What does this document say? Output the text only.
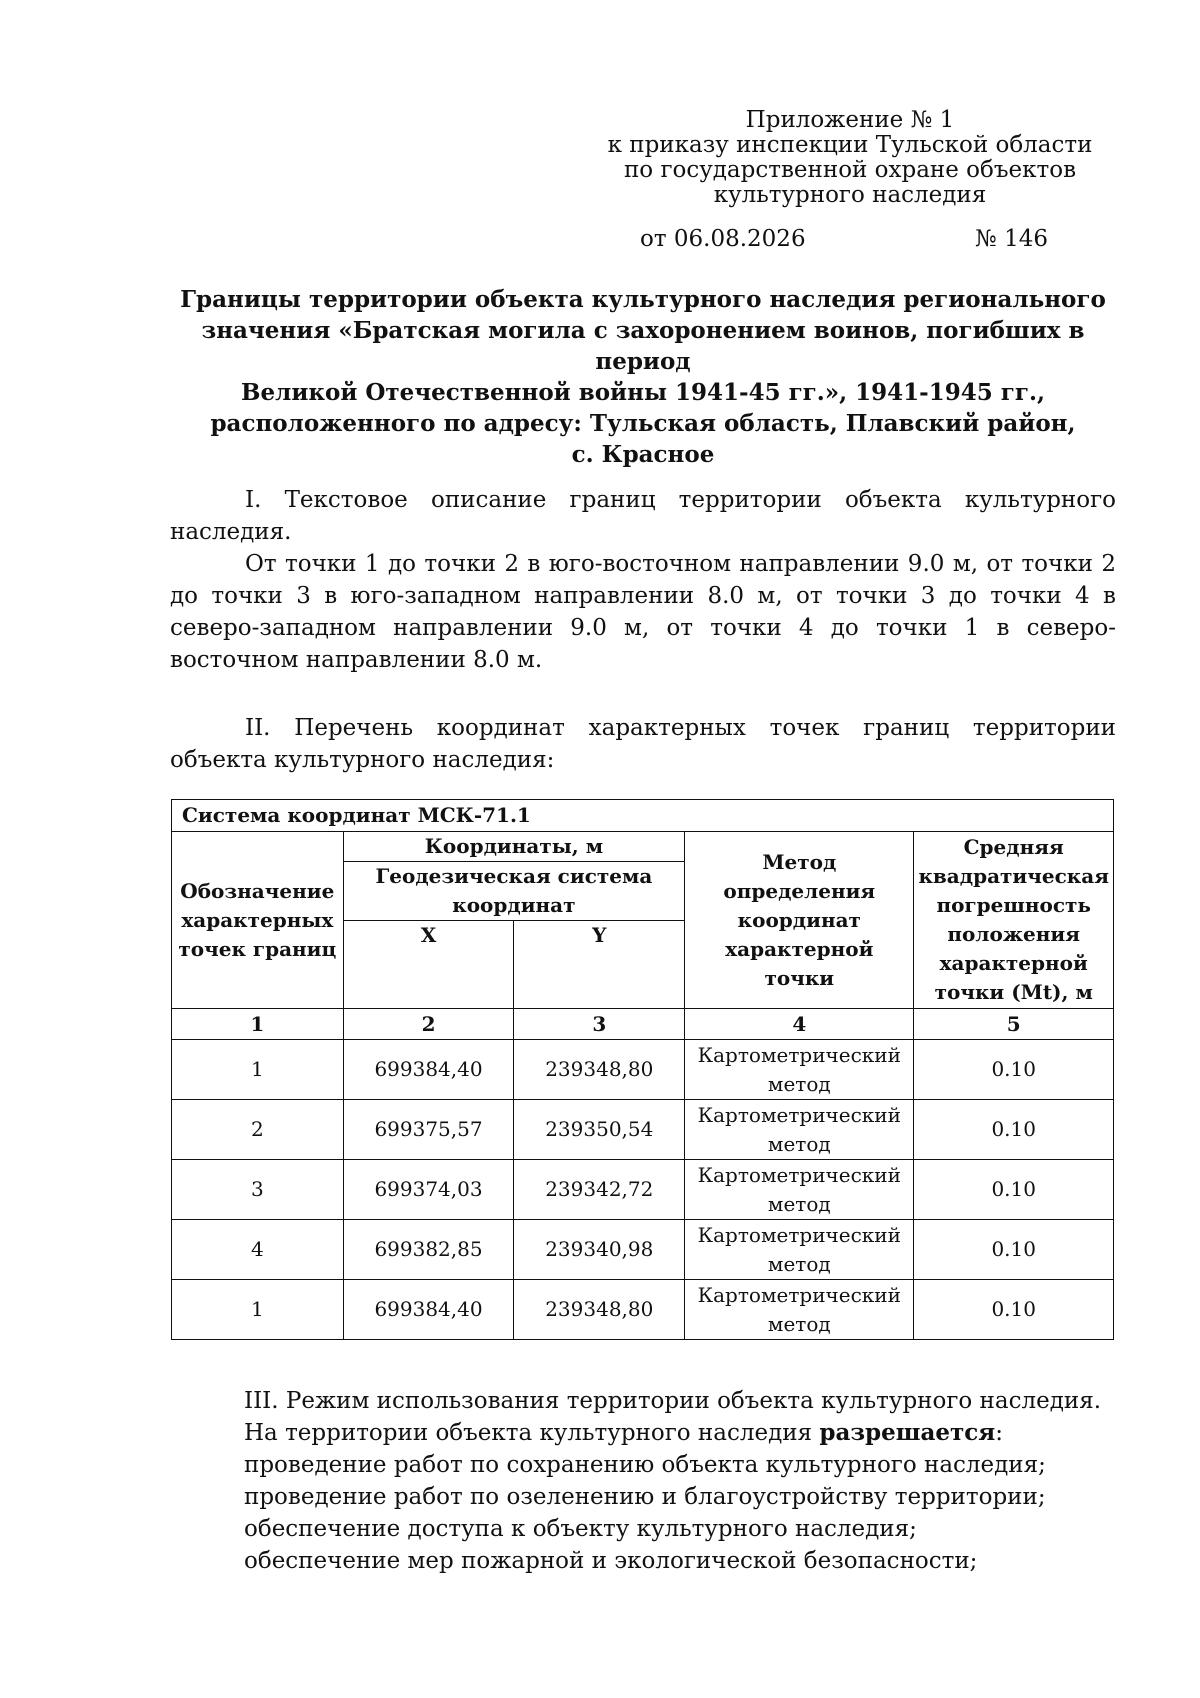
Приложение № 1
к приказу инспекции Тульской области
по государственной охране объектов
культурного наследия
от 06.08.2026	№ 146
Границы территории объекта культурного наследия регионального
значения «Братская могила с захоронением воинов, погибших в период
Великой Отечественной войны 1941-45 гг.», 1941-1945 гг.,
расположенного по адресу: Тульская область, Плавский район,
с. Красное

I. Текстовое описание границ территории объекта культурного наследия.

От точки 1 до точки 2 в юго-восточном направлении 9.0 м, от точки 2 до точки 3 в юго-западном направлении 8.0 м, от точки 3 до точки 4 в северо-западном направлении 9.0 м, от точки 4 до точки 1 в северо-восточном направлении 8.0 м.

II. Перечень координат характерных точек границ территории объекта культурного наследия:

Система координат МСК-71.1				
Обозначение характерных точек границ	Координаты, м		Метод определения координат характерной точки	Средняя квадратическая погрешность положения характерной точки (Mt), м
	Геодезическая система координат			
	X	Y		
1	2	3	4	5
1	699384,40	239348,80	Картометрический метод	0.10
2	699375,57	239350,54	Картометрический метод	0.10
3	699374,03	239342,72	Картометрический метод	0.10
4	699382,85	239340,98	Картометрический метод	0.10
1	699384,40	239348,80	Картометрический метод	0.10
III. Режим использования территории объекта культурного наследия.
На территории объекта культурного наследия разрешается:
проведение работ по сохранению объекта культурного наследия;
проведение работ по озеленению и благоустройству территории;
обеспечение доступа к объекту культурного наследия;
обеспечение мер пожарной и экологической безопасности;
